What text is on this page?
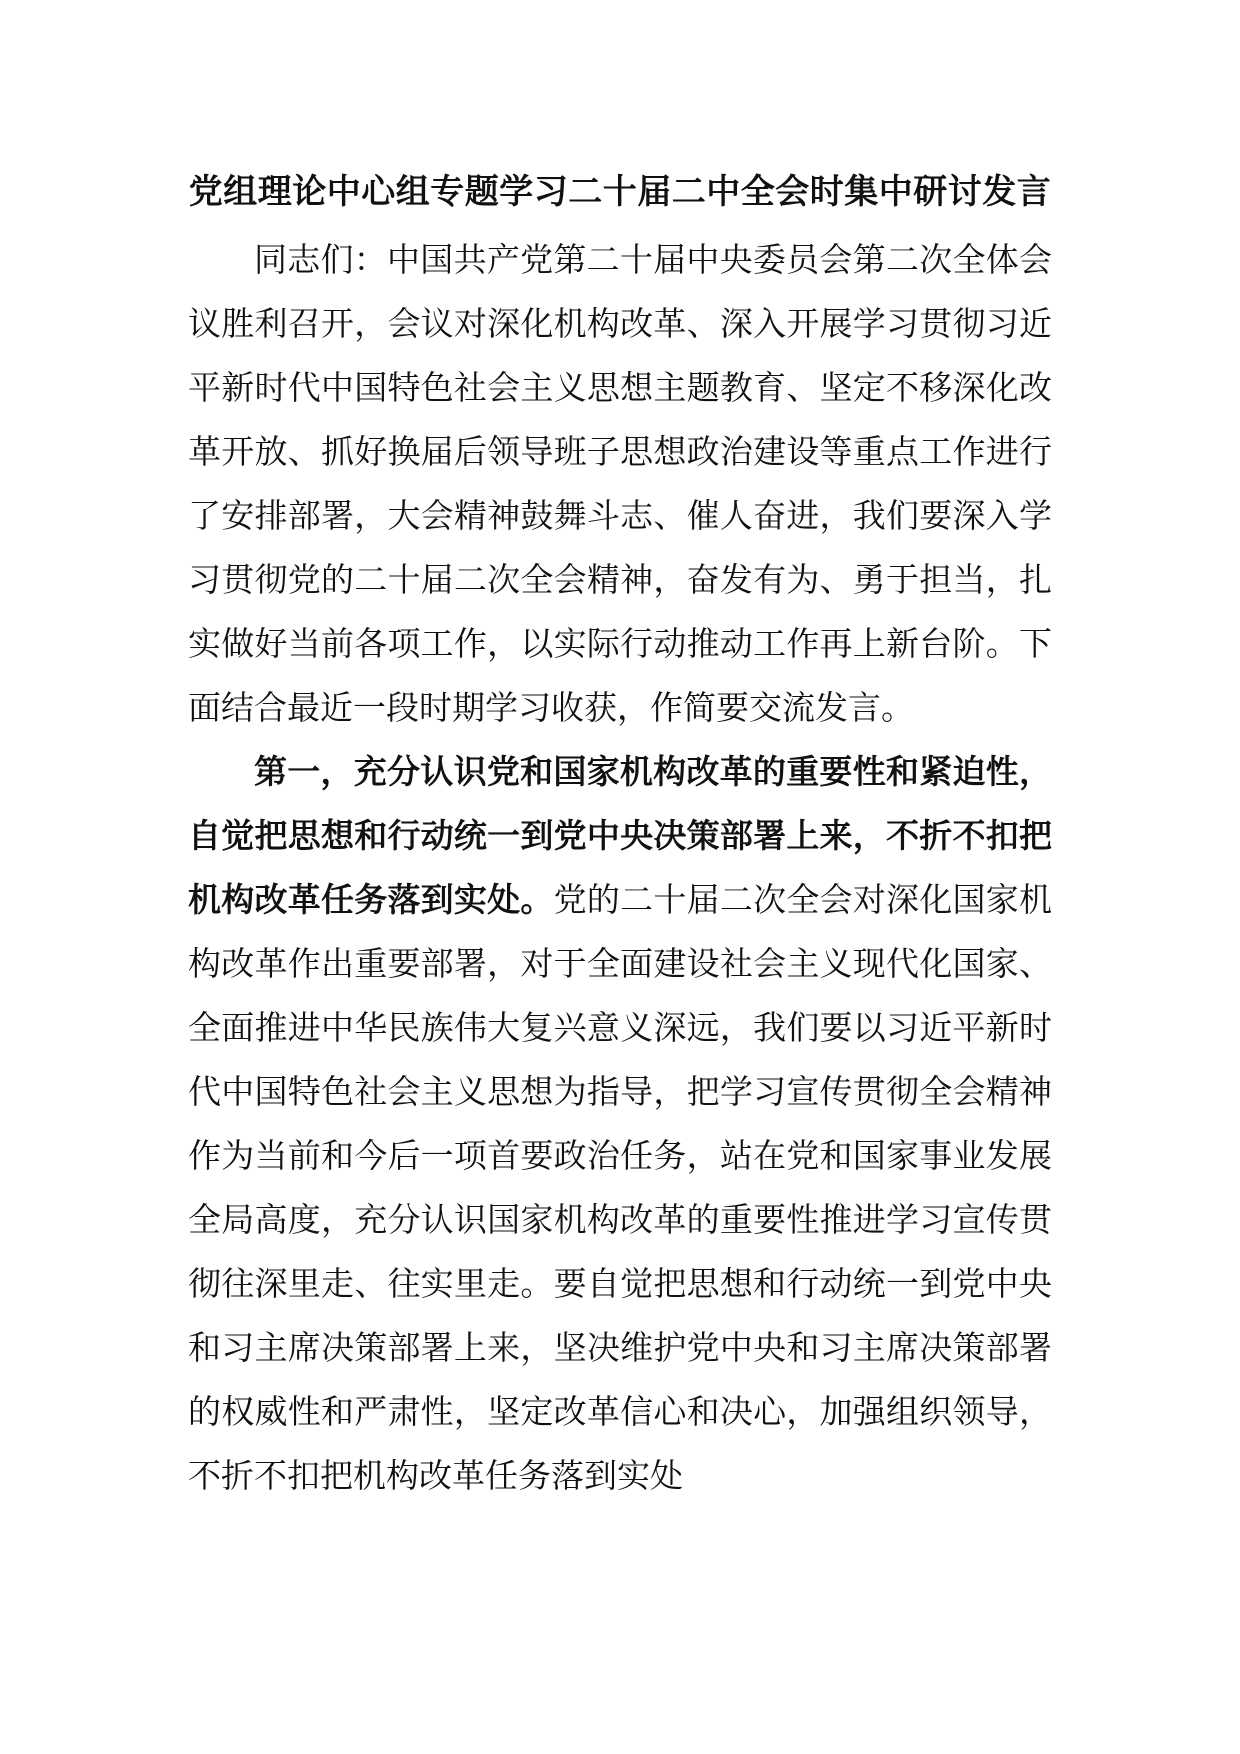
党组理论中心组专题学习二十届二中全会时集中研讨发言

同志们：中国共产党第二十届中央委员会第二次全体会议胜利召开，会议对深化机构改革、深入开展学习贯彻习近平新时代中国特色社会主义思想主题教育、坚定不移深化改革开放、抓好换届后领导班子思想政治建设等重点工作进行了安排部署，大会精神鼓舞斗志、催人奋进，我们要深入学习贯彻党的二十届二次全会精神，奋发有为、勇于担当，扎实做好当前各项工作，以实际行动推动工作再上新台阶。下面结合最近一段时期学习收获，作简要交流发言。

第一，充分认识党和国家机构改革的重要性和紧迫性，自觉把思想和行动统一到党中央决策部署上来，不折不扣把机构改革任务落到实处。党的二十届二次全会对深化国家机构改革作出重要部署，对于全面建设社会主义现代化国家、全面推进中华民族伟大复兴意义深远，我们要以习近平新时代中国特色社会主义思想为指导，把学习宣传贯彻全会精神作为当前和今后一项首要政治任务，站在党和国家事业发展全局高度，充分认识国家机构改革的重要性推进学习宣传贯彻往深里走、往实里走。要自觉把思想和行动统一到党中央和习主席决策部署上来，坚决维护党中央和习主席决策部署的权威性和严肃性，坚定改革信心和决心，加强组织领导，不折不扣把机构改革任务落到实处
